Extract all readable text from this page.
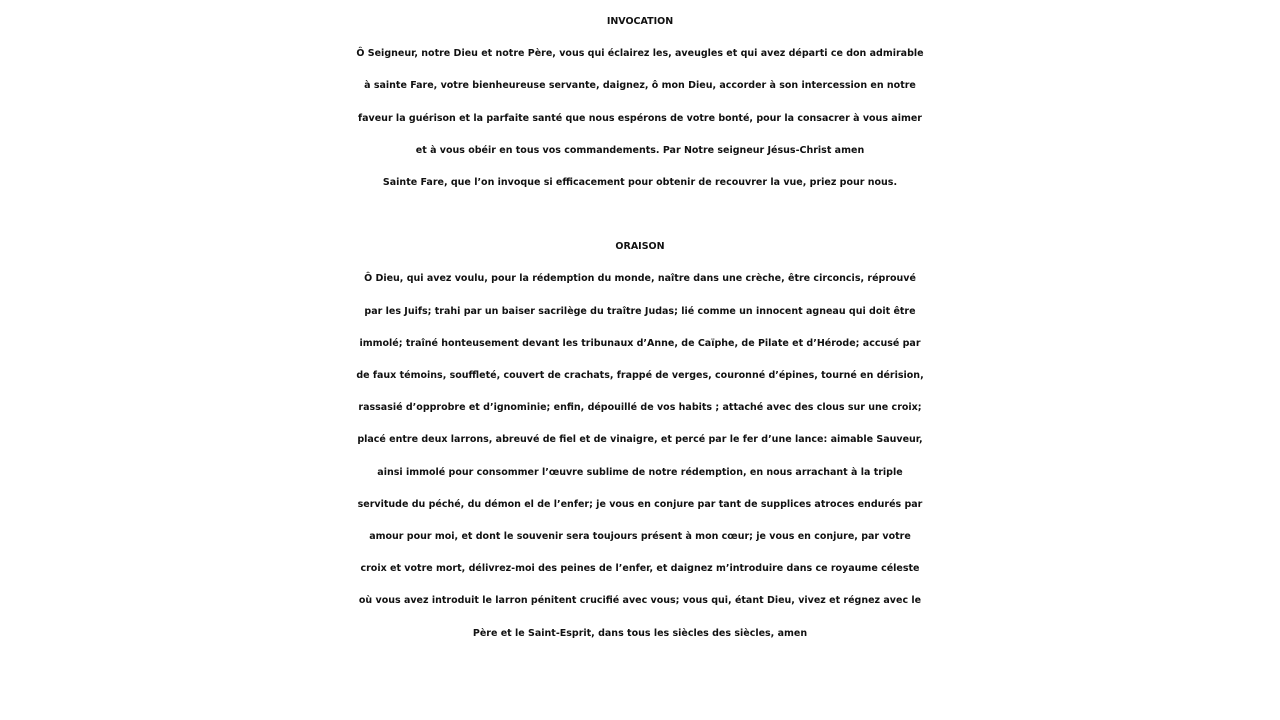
INVOCATION
Ô Seigneur, notre Dieu et notre Père, vous qui éclairez les, aveugles et qui avez départi ce don admirable
à sainte Fare, votre bienheureuse servante, daignez, ô mon Dieu, accorder à son intercession en notre
faveur la guérison et la parfaite santé que nous espérons de votre bonté, pour la consacrer à vous aimer
et à vous obéir en tous vos commandements. Par Notre seigneur Jésus-Christ amen
Sainte Fare, que l’on invoque si efficacement pour obtenir de recouvrer la vue, priez pour nous.
ORAISON
Ô Dieu, qui avez voulu, pour la rédemption du monde, naître dans une crèche, être circoncis, réprouvé
par les Juifs; trahi par un baiser sacrilège du traître Judas; lié comme un innocent agneau qui doit être
immolé; traîné honteusement devant les tribunaux d’Anne, de Caïphe, de Pilate et d’Hérode; accusé par
de faux témoins, souffleté, couvert de crachats, frappé de verges, couronné d’épines, tourné en dérision,
rassasié d’opprobre et d’ignominie; enfin, dépouillé de vos habits ; attaché avec des clous sur une croix;
placé entre deux larrons, abreuvé de fiel et de vinaigre, et percé par le fer d’une lance: aimable Sauveur,
ainsi immolé pour consommer l’œuvre sublime de notre rédemption, en nous arrachant à la triple
servitude du péché, du démon el de l’enfer; je vous en conjure par tant de supplices atroces endurés par
amour pour moi, et dont le souvenir sera toujours présent à mon cœur; je vous en conjure, par votre
croix et votre mort, délivrez-moi des peines de l’enfer, et daignez m’introduire dans ce royaume céleste
où vous avez introduit le larron pénitent crucifié avec vous; vous qui, étant Dieu, vivez et régnez avec le
Père et le Saint-Esprit, dans tous les siècles des siècles, amen
